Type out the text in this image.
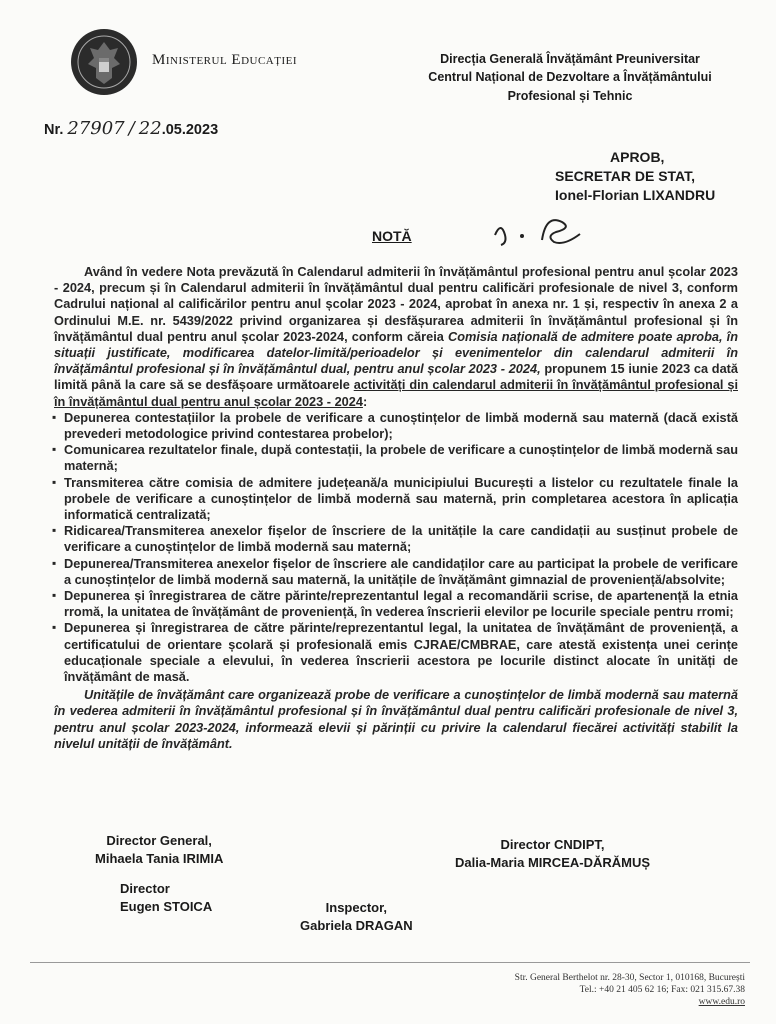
Ministerul Educației	Direcția Generală Învățământ Preuniversitar
Centrul Național de Dezvoltare a Învățământului
Profesional și Tehnic
Nr. 27907 / 22.05.2023
APROB,
SECRETAR DE STAT,
Ionel-Florian LIXANDRU
NOTĂ

Având în vedere Nota prevăzută în Calendarul admiterii în învățământul profesional pentru anul școlar 2023 - 2024, precum și în Calendarul admiterii în învățământul dual pentru calificări profesionale de nivel 3, conform Cadrului național al calificărilor pentru anul școlar 2023 - 2024, aprobat în anexa nr. 1 și, respectiv în anexa 2 a Ordinului M.E. nr. 5439/2022 privind organizarea și desfășurarea admiterii în învățământul profesional și în învățământul dual pentru anul școlar 2023-2024, conform căreia Comisia națională de admitere poate aproba, în situații justificate, modificarea datelor-limită/perioadelor și evenimentelor din calendarul admiterii în învățământul profesional și în învățământul dual, pentru anul școlar 2023 - 2024, propunem 15 iunie 2023 ca dată limită până la care să se desfășoare următoarele activități din calendarul admiterii în învățământul profesional și în învățământul dual pentru anul școlar 2023 - 2024:

▪ Depunerea contestațiilor la probele de verificare a cunoștințelor de limbă modernă sau maternă (dacă există prevederi metodologice privind contestarea probelor);
▪ Comunicarea rezultatelor finale, după contestații, la probele de verificare a cunoștințelor de limbă modernă sau maternă;
▪ Transmiterea către comisia de admitere județeană/a municipiului București a listelor cu rezultatele finale la probele de verificare a cunoștințelor de limbă modernă sau maternă, prin completarea acestora în aplicația informatică centralizată;
▪ Ridicarea/Transmiterea anexelor fișelor de înscriere de la unitățile la care candidații au susținut probele de verificare a cunoștințelor de limbă modernă sau maternă;
▪ Depunerea/Transmiterea anexelor fișelor de înscriere ale candidaților care au participat la probele de verificare a cunoștințelor de limbă modernă sau maternă, la unitățile de învățământ gimnazial de proveniență/absolvite;
▪ Depunerea și înregistrarea de către părinte/reprezentantul legal a recomandării scrise, de apartenență la etnia rromă, la unitatea de învățământ de proveniență, în vederea înscrierii elevilor pe locurile speciale pentru rromi;
▪ Depunerea și înregistrarea de către părinte/reprezentantul legal, la unitatea de învățământ de proveniență, a certificatului de orientare școlară și profesională emis CJRAE/CMBRAE, care atestă existența unei cerințe educaționale speciale a elevului, în vederea înscrierii acestora pe locurile distinct alocate în unități de învățământ de masă.

Unitățile de învățământ care organizează probe de verificare a cunoștințelor de limbă modernă sau maternă în vederea admiterii în învățământul profesional și în învățământul dual pentru calificări profesionale de nivel 3, pentru anul școlar 2023-2024, informează elevii și părinții cu privire la calendarul fiecărei activități stabilit la nivelul unității de învățământ.

Director General,
Mihaela Tania IRIMIA
Director CNDIPT,
Dalia-Maria MIRCEA-DĂRĂMUȘ
Director
Eugen STOICA	Inspector,
Gabriela DRAGAN
Str. General Berthelot nr. 28-30, Sector 1, 010168, București
Tel.: +40 21 405 62 16; Fax: 021 315.67.38
www.edu.ro
